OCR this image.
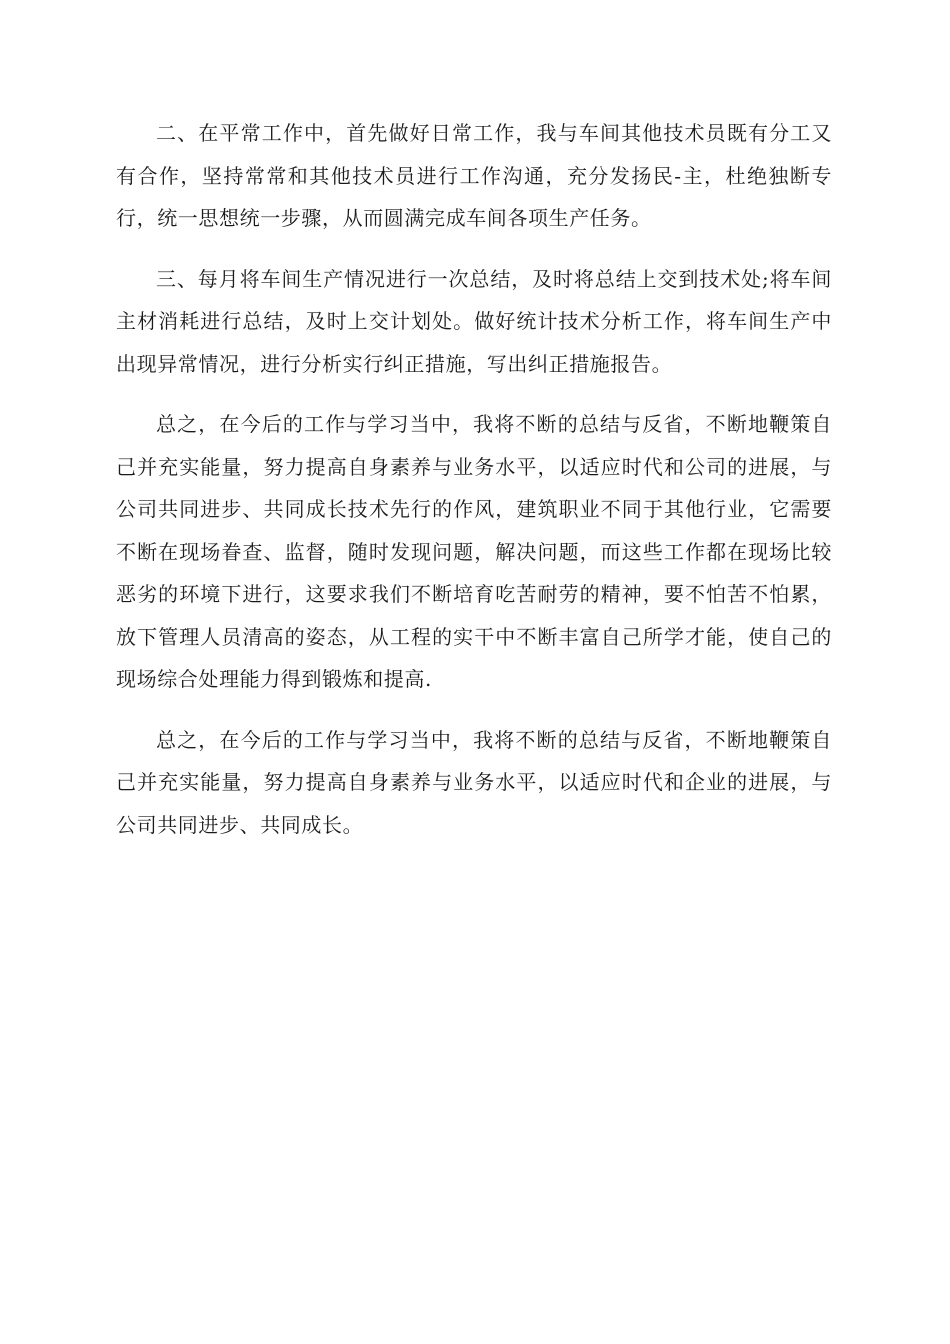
二、在平常工作中，首先做好日常工作，我与车间其他技术员既有分工又有合作，坚持常常和其他技术员进行工作沟通，充分发扬民-主，杜绝独断专行，统一思想统一步骤，从而圆满完成车间各项生产任务。

三、每月将车间生产情况进行一次总结，及时将总结上交到技术处;将车间主材消耗进行总结，及时上交计划处。做好统计技术分析工作，将车间生产中出现异常情况，进行分析实行纠正措施，写出纠正措施报告。

总之，在今后的工作与学习当中，我将不断的总结与反省，不断地鞭策自己并充实能量，努力提高自身素养与业务水平，以适应时代和公司的进展，与公司共同进步、共同成长技术先行的作风，建筑职业不同于其他行业，它需要不断在现场眷查、监督，随时发现问题，解决问题，而这些工作都在现场比较恶劣的环境下进行，这要求我们不断培育吃苦耐劳的精神，要不怕苦不怕累，放下管理人员清高的姿态，从工程的实干中不断丰富自己所学才能，使自己的现场综合处理能力得到锻炼和提高.

总之，在今后的工作与学习当中，我将不断的总结与反省，不断地鞭策自己并充实能量，努力提高自身素养与业务水平，以适应时代和企业的进展，与公司共同进步、共同成长。
